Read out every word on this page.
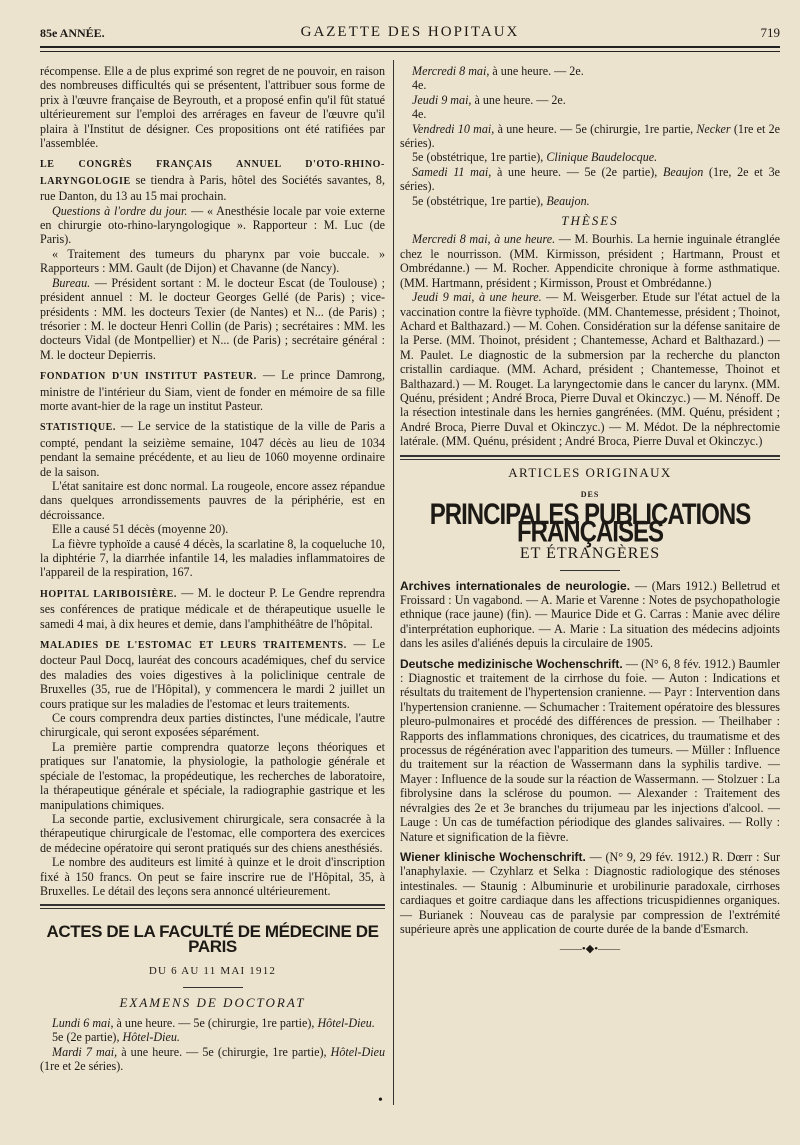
85e ANNÉE.	GAZETTE DES HOPITAUX	719

récompense. Elle a de plus exprimé son regret de ne pouvoir, en raison des nombreuses difficultés qui se présentent, l'attribuer sous forme de prix à l'œuvre française de Beyrouth, et a proposé enfin qu'il fût statué ultérieurement sur l'emploi des arrérages en faveur de l'œuvre qu'il plaira à l'Institut de désigner. Ces propositions ont été ratifiées par l'assemblée.

LE CONGRÈS FRANÇAIS ANNUEL D'OTO-RHINO-LARYNGOLOGIE se tiendra à Paris, hôtel des Sociétés savantes, 8, rue Danton, du 13 au 15 mai prochain.

Questions à l'ordre du jour. — « Anesthésie locale par voie externe en chirurgie oto-rhino-laryngologique ». Rapporteur : M. Luc (de Paris).

« Traitement des tumeurs du pharynx par voie buccale. » Rapporteurs : MM. Gault (de Dijon) et Chavanne (de Nancy).

Bureau. — Président sortant : M. le docteur Escat (de Toulouse) ; président annuel : M. le docteur Georges Gellé (de Paris) ; vice-présidents : MM. les docteurs Texier (de Nantes) et N... (de Paris) ; trésorier : M. le docteur Henri Collin (de Paris) ; secrétaires : MM. les docteurs Vidal (de Montpellier) et N... (de Paris) ; secrétaire général : M. le docteur Depierris.

FONDATION D'UN INSTITUT PASTEUR. — Le prince Damrong, ministre de l'intérieur du Siam, vient de fonder en mémoire de sa fille morte avant-hier de la rage un institut Pasteur.

STATISTIQUE. — Le service de la statistique de la ville de Paris a compté, pendant la seizième semaine, 1047 décès au lieu de 1034 pendant la semaine précédente, et au lieu de 1060 moyenne ordinaire de la saison.

L'état sanitaire est donc normal. La rougeole, encore assez répandue dans quelques arrondissements pauvres de la périphérie, est en décroissance.

Elle a causé 51 décès (moyenne 20).

La fièvre typhoïde a causé 4 décès, la scarlatine 8, la coqueluche 10, la diphtérie 7, la diarrhée infantile 14, les maladies inflammatoires de l'appareil de la respiration, 167.

HOPITAL LARIBOISIÈRE. — M. le docteur P. Le Gendre reprendra ses conférences de pratique médicale et de thérapeutique usuelle le samedi 4 mai, à dix heures et demie, dans l'amphithéâtre de l'hôpital.

MALADIES DE L'ESTOMAC ET LEURS TRAITEMENTS. — Le docteur Paul Docq, lauréat des concours académiques, chef du service des maladies des voies digestives à la policlinique centrale de Bruxelles (35, rue de l'Hôpital), y commencera le mardi 2 juillet un cours pratique sur les maladies de l'estomac et leurs traitements.

Ce cours comprendra deux parties distinctes, l'une médicale, l'autre chirurgicale, qui seront exposées séparément.

La première partie comprendra quatorze leçons théoriques et pratiques sur l'anatomie, la physiologie, la pathologie générale et spéciale de l'estomac, la propédeutique, les recherches de laboratoire, la thérapeutique générale et spéciale, la radiographie gastrique et les manipulations chimiques.

La seconde partie, exclusivement chirurgicale, sera consacrée à la thérapeutique chirurgicale de l'estomac, elle comportera des exercices de médecine opératoire qui seront pratiqués sur des chiens anesthésiés.

Le nombre des auditeurs est limité à quinze et le droit d'inscription fixé à 150 francs. On peut se faire inscrire rue de l'Hôpital, 35, à Bruxelles. Le détail des leçons sera annoncé ultérieurement.

ACTES DE LA FACULTÉ DE MÉDECINE DE PARIS
DU 6 AU 11 MAI 1912
EXAMENS DE DOCTORAT

Lundi 6 mai, à une heure. — 5e (chirurgie, 1re partie), Hôtel-Dieu.

5e (2e partie), Hôtel-Dieu.

Mardi 7 mai, à une heure. — 5e (chirurgie, 1re partie), Hôtel-Dieu (1re et 2e séries).

Mercredi 8 mai, à une heure. — 2e.

4e.

Jeudi 9 mai, à une heure. — 2e.

4e.

Vendredi 10 mai, à une heure. — 5e (chirurgie, 1re partie, Necker (1re et 2e séries).

5e (obstétrique, 1re partie), Clinique Baudelocque.

Samedi 11 mai, à une heure. — 5e (2e partie), Beaujon (1re, 2e et 3e séries).

5e (obstétrique, 1re partie), Beaujon.

THÈSES

Mercredi 8 mai, à une heure. — M. Bourhis. La hernie inguinale étranglée chez le nourrisson. (MM. Kirmisson, président ; Hartmann, Proust et Ombrédanne.) — M. Rocher. Appendicite chronique à forme asthmatique. (MM. Hartmann, président ; Kirmisson, Proust et Ombrédanne.)

Jeudi 9 mai, à une heure. — M. Weisgerber. Etude sur l'état actuel de la vaccination contre la fièvre typhoïde. (MM. Chantemesse, président ; Thoinot, Achard et Balthazard.) — M. Cohen. Considération sur la défense sanitaire de la Perse. (MM. Thoinot, président ; Chantemesse, Achard et Balthazard.) — M. Paulet. Le diagnostic de la submersion par la recherche du plancton cristallin cardiaque. (MM. Achard, président ; Chantemesse, Thoinot et Balthazard.) — M. Rouget. La laryngectomie dans le cancer du larynx. (MM. Quénu, président ; André Broca, Pierre Duval et Okinczyc.) — M. Nénoff. De la résection intestinale dans les hernies gangrénées. (MM. Quénu, président ; André Broca, Pierre Duval et Okinczyc.) — M. Médot. De la néphrectomie latérale. (MM. Quénu, président ; André Broca, Pierre Duval et Okinczyc.)

ARTICLES ORIGINAUX
DES
PRINCIPALES PUBLICATIONS FRANÇAISES
ET ÉTRANGÈRES

Archives internationales de neurologie. — (Mars 1912.) Belletrud et Froissard : Un vagabond. — A. Marie et Varenne : Notes de psychopathologie ethnique (race jaune) (fin). — Maurice Dide et G. Carras : Manie avec délire d'interprétation euphorique. — A. Marie : La situation des médecins adjoints dans les asiles d'aliénés depuis la circulaire de 1905.

Deutsche medizinische Wochenschrift. — (N° 6, 8 fév. 1912.) Baumler : Diagnostic et traitement de la cirrhose du foie. — Auton : Indications et résultats du traitement de l'hypertension cranienne. — Payr : Intervention dans l'hypertension cranienne. — Schumacher : Traitement opératoire des blessures pleuro-pulmonaires et procédé des différences de pression. — Theilhaber : Rapports des inflammations chroniques, des cicatrices, du traumatisme et des processus de régénération avec l'apparition des tumeurs. — Müller : Influence du traitement sur la réaction de Wassermann dans la syphilis tardive. — Mayer : Influence de la soude sur la réaction de Wassermann. — Stolzuer : La fibrolysine dans la sclérose du poumon. — Alexander : Traitement des névralgies des 2e et 3e branches du trijumeau par les injections d'alcool. — Lauge : Un cas de tuméfaction périodique des glandes salivaires. — Rolly : Nature et signification de la fièvre.

Wiener klinische Wochenschrift. — (N° 9, 29 fév. 1912.) R. Dœrr : Sur l'anaphylaxie. — Czyhlarz et Selka : Diagnostic radiologique des sténoses intestinales. — Staunig : Albuminurie et urobilinurie paradoxale, cirrhoses cardiaques et goitre cardiaque dans les affections tricuspidiennes organiques. — Burianek : Nouveau cas de paralysie par compression de l'extrémité supérieure après une application de courte durée de la bande d'Esmarch.

——•◆•——
•
